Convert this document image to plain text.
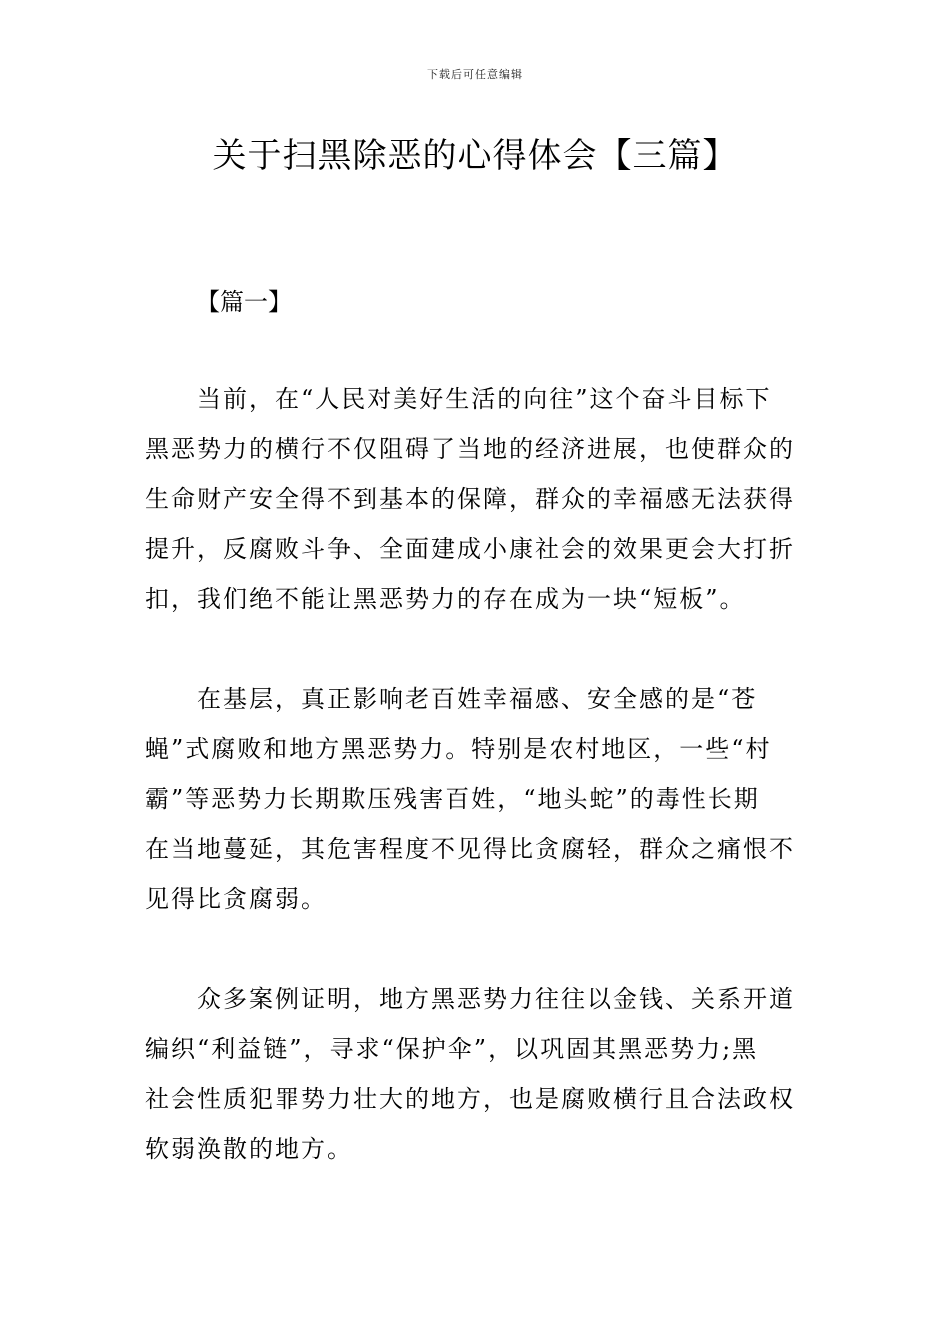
下载后可任意编辑
关于扫黑除恶的心得体会【三篇】
【篇一】

当前，在“人民对美好生活的向往”这个奋斗目标下
黑恶势力的横行不仅阻碍了当地的经济进展，也使群众的
生命财产安全得不到基本的保障，群众的幸福感无法获得
提升，反腐败斗争、全面建成小康社会的效果更会大打折
扣，我们绝不能让黑恶势力的存在成为一块“短板”。

在基层，真正影响老百姓幸福感、安全感的是“苍
蝇”式腐败和地方黑恶势力。特别是农村地区，一些“村
霸”等恶势力长期欺压残害百姓，“地头蛇”的毒性长期
在当地蔓延，其危害程度不见得比贪腐轻，群众之痛恨不
见得比贪腐弱。

众多案例证明，地方黑恶势力往往以金钱、关系开道
编织“利益链”，寻求“保护伞”，以巩固其黑恶势力;黑
社会性质犯罪势力壮大的地方，也是腐败横行且合法政权
软弱涣散的地方。
